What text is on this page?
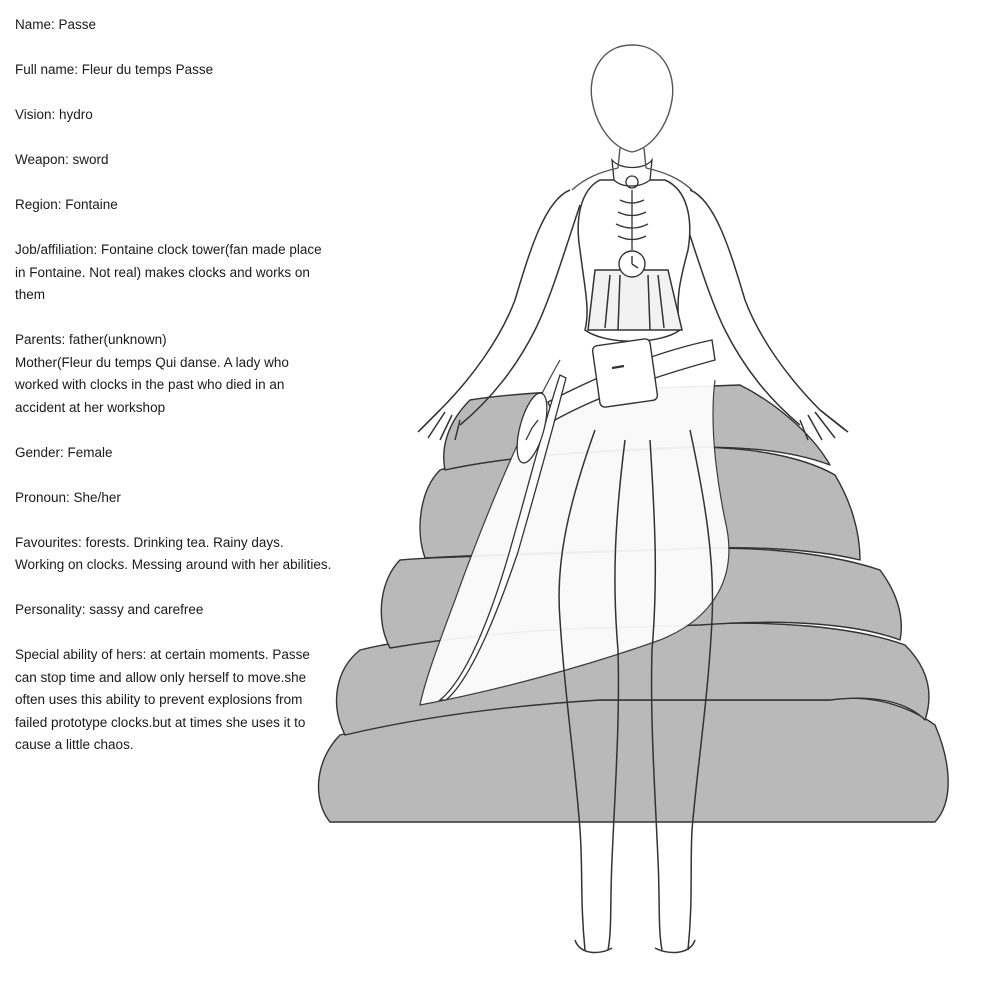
Name: Passe

Full name: Fleur du temps Passe

Vision: hydro

Weapon: sword

Region: Fontaine

Job/affiliation: Fontaine clock tower(fan made place in Fontaine. Not real) makes clocks and works on them

Parents: father(unknown)
Mother(Fleur du temps Qui danse. A lady who worked with clocks in the past who died in an accident at her workshop

Gender: Female

Pronoun: She/her

Favourites: forests. Drinking tea. Rainy days. Working on clocks. Messing around with her abilities.

Personality: sassy and carefree

Special ability of hers: at certain moments. Passe can stop time and allow only herself to move.she often uses this ability to prevent explosions from failed prototype clocks.but at times she uses it to cause a little chaos.
